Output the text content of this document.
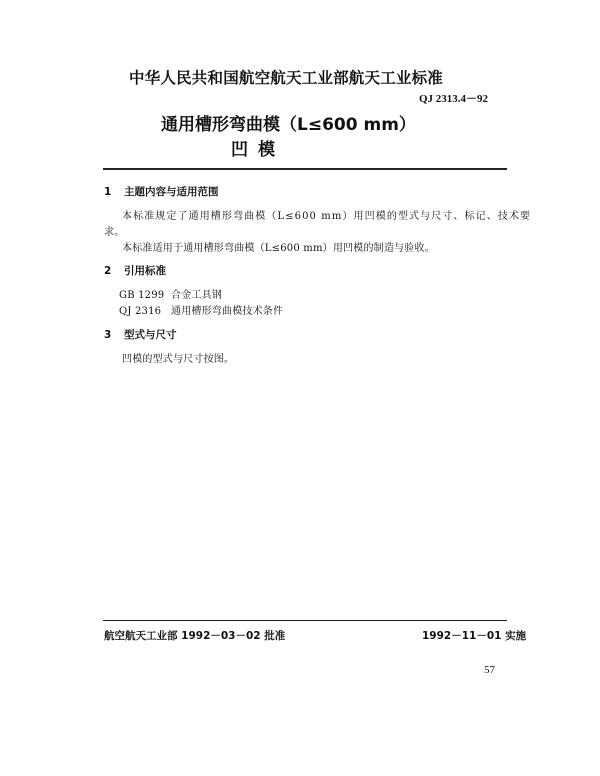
中华人民共和国航空航天工业部航天工业标准
QJ 2313.4－92
通用槽形弯曲模（L≤600 mm）
凹模
1 主题内容与适用范围
本标准规定了通用槽形弯曲模（L≤600 mm）用凹模的型式与尺寸、标记、技术要
求。
本标准适用于通用槽形弯曲模（L≤600 mm）用凹模的制造与验收。
2 引用标准
GB 1299 合金工具钢
QJ 2316 通用槽形弯曲模技术条件
3 型式与尺寸
凹模的型式与尺寸按图。
航空航天工业部 1992－03－02 批准	1992－11－01 实施
57
